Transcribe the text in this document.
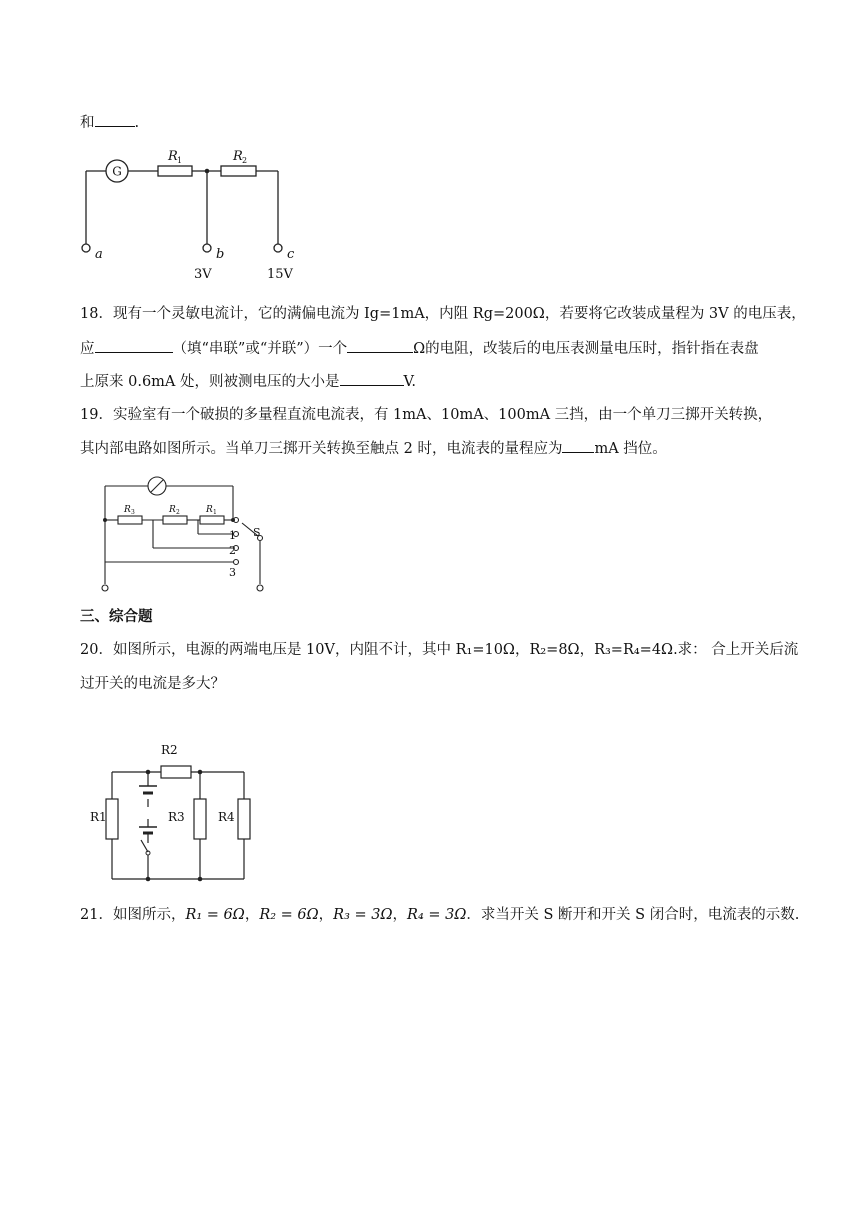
和	.
G
R 1	R 2
a	b	c
3V	15V
18．现有一个灵敏电流计，它的满偏电流为 Ig=1mA，内阻 Rg=200Ω，若要将它改装成量程为 3V 的电压表，
应	（填“串联”或“并联”）一个	Ω的电阻，改装后的电压表测量电压时，指针指在表盘
上原来 0.6mA 处，则被测电压的大小是	V.
19．实验室有一个破损的多量程直流电流表，有 1mA、10mA、100mA 三挡，由一个单刀三掷开关转换，
其内部电路如图所示。当单刀三掷开关转换至触点 2 时，电流表的量程应为 mA 挡位。
R 3	R 2	R 1
S
1
2
3
三、综合题
20．如图所示，电源的两端电压是 10V，内阻不计，其中 R₁=10Ω，R₂=8Ω，R₃=R₄=4Ω.求： 合上开关后流
过开关的电流是多大？
R2
R1	R3	R4
21．如图所示，R₁ = 6Ω，R₂ = 6Ω，R₃ = 3Ω，R₄ = 3Ω．求当开关 S 断开和开关 S 闭合时，电流表的示数.
